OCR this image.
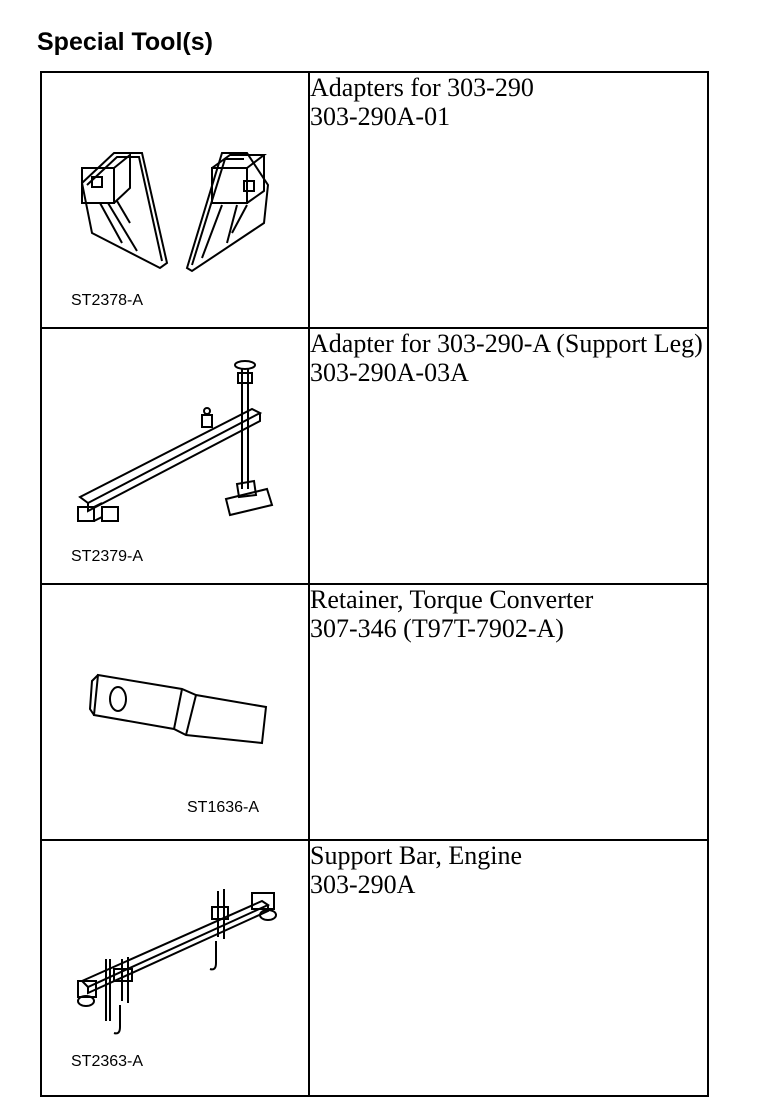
Special Tool(s)
ST2378-A	Adapters for 303-290
303-290A-01

ST2379-A	Adapter for 303-290-A (Support Leg)
303-290A-03A

ST1636-A	Retainer, Torque Converter
307-346 (T97T-7902-A)

ST2363-A	Support Bar, Engine
303-290A
